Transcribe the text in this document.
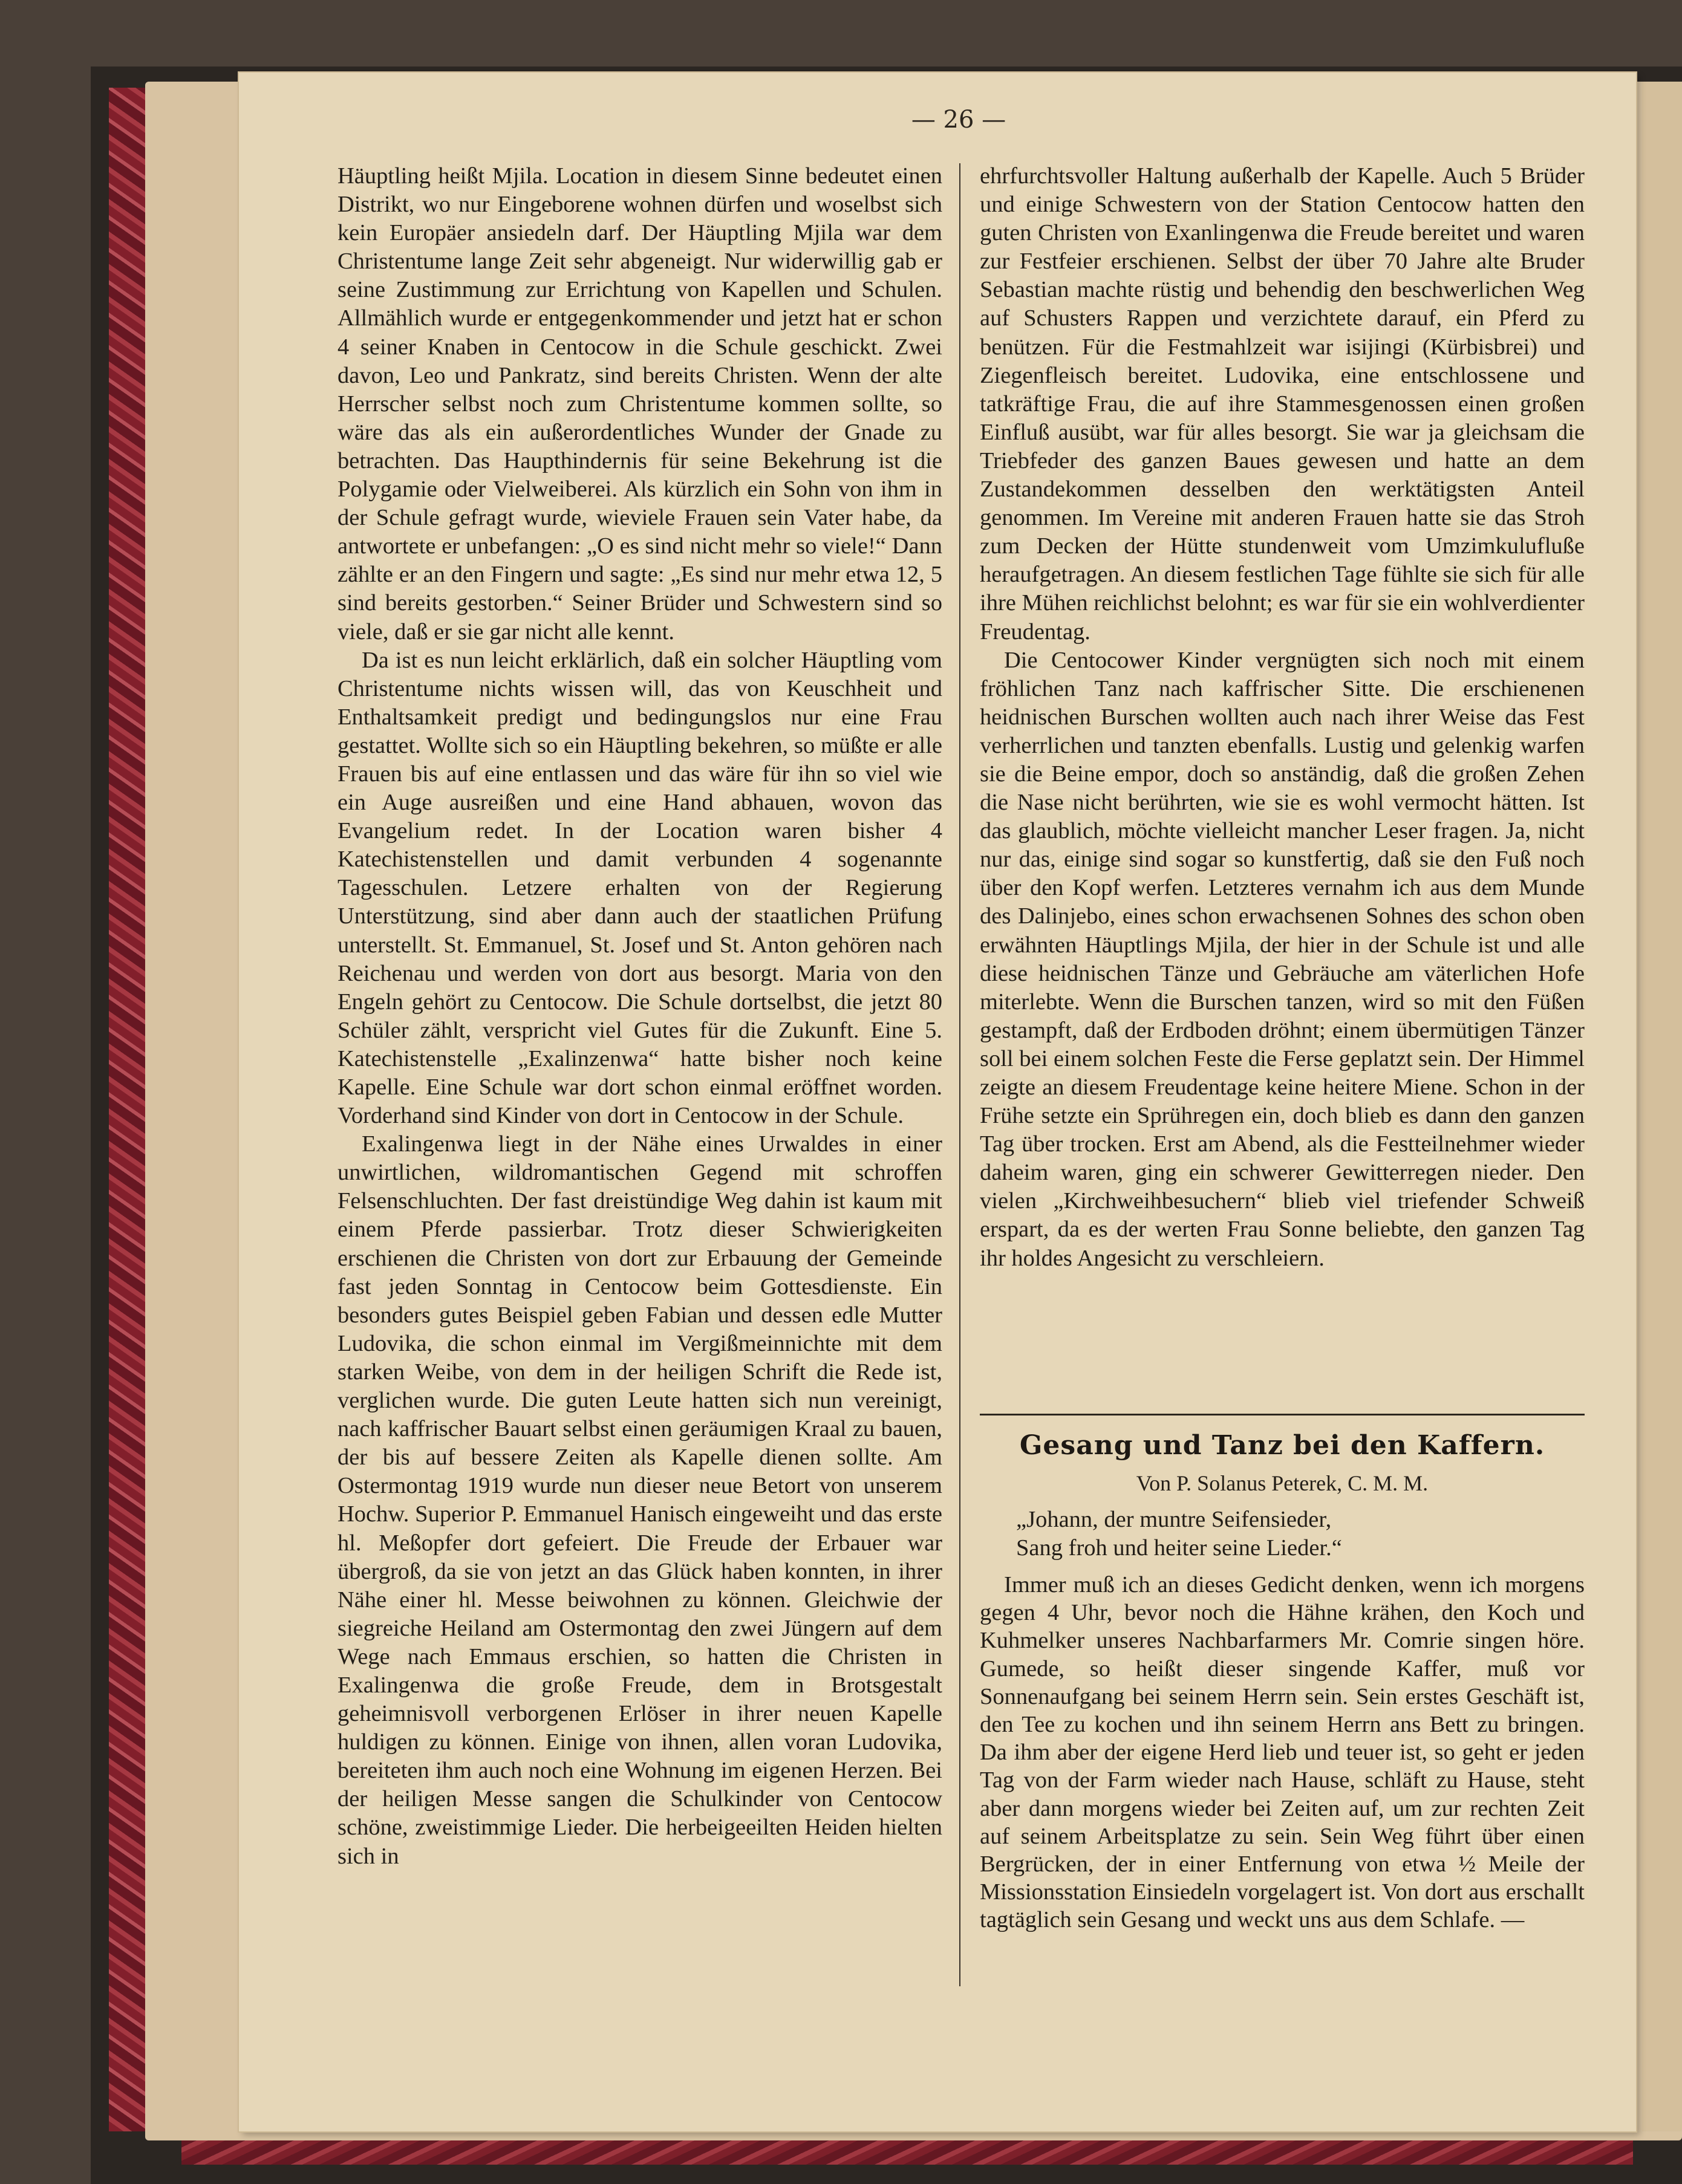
— 26 —

Häuptling heißt Mjila. Location in diesem Sinne bedeutet einen Distrikt, wo nur Eingeborene wohnen dürfen und woselbst sich kein Europäer ansiedeln darf. Der Häuptling Mjila war dem Christentume lange Zeit sehr abgeneigt. Nur widerwillig gab er seine Zustimmung zur Errichtung von Kapellen und Schulen. Allmählich wurde er entgegenkommender und jetzt hat er schon 4 seiner Knaben in Centocow in die Schule geschickt. Zwei davon, Leo und Pankratz, sind bereits Christen. Wenn der alte Herrscher selbst noch zum Christentume kommen sollte, so wäre das als ein außerordentliches Wunder der Gnade zu betrachten. Das Haupthindernis für seine Bekehrung ist die Polygamie oder Vielweiberei. Als kürzlich ein Sohn von ihm in der Schule gefragt wurde, wieviele Frauen sein Vater habe, da antwortete er unbefangen: „O es sind nicht mehr so viele!“ Dann zählte er an den Fingern und sagte: „Es sind nur mehr etwa 12, 5 sind bereits gestorben.“ Seiner Brüder und Schwestern sind so viele, daß er sie gar nicht alle kennt.

Da ist es nun leicht erklärlich, daß ein solcher Häuptling vom Christentume nichts wissen will, das von Keuschheit und Enthaltsamkeit predigt und bedingungslos nur eine Frau gestattet. Wollte sich so ein Häuptling bekehren, so müßte er alle Frauen bis auf eine entlassen und das wäre für ihn so viel wie ein Auge ausreißen und eine Hand abhauen, wovon das Evangelium redet. In der Location waren bisher 4 Katechistenstellen und damit verbunden 4 sogenannte Tagesschulen. Letzere erhalten von der Regierung Unterstützung, sind aber dann auch der staatlichen Prüfung unterstellt. St. Emmanuel, St. Josef und St. Anton gehören nach Reichenau und werden von dort aus besorgt. Maria von den Engeln gehört zu Centocow. Die Schule dortselbst, die jetzt 80 Schüler zählt, verspricht viel Gutes für die Zukunft. Eine 5. Katechistenstelle „Exalinzenwa“ hatte bisher noch keine Kapelle. Eine Schule war dort schon einmal eröffnet worden. Vorderhand sind Kinder von dort in Centocow in der Schule.

Exalingenwa liegt in der Nähe eines Urwaldes in einer unwirtlichen, wildromantischen Gegend mit schroffen Felsenschluchten. Der fast dreistündige Weg dahin ist kaum mit einem Pferde passierbar. Trotz dieser Schwierigkeiten erschienen die Christen von dort zur Erbauung der Gemeinde fast jeden Sonntag in Centocow beim Gottesdienste. Ein besonders gutes Beispiel geben Fabian und dessen edle Mutter Ludovika, die schon einmal im Vergißmeinnichte mit dem starken Weibe, von dem in der heiligen Schrift die Rede ist, verglichen wurde. Die guten Leute hatten sich nun vereinigt, nach kaffrischer Bauart selbst einen geräumigen Kraal zu bauen, der bis auf bessere Zeiten als Kapelle dienen sollte. Am Ostermontag 1919 wurde nun dieser neue Betort von unserem Hochw. Superior P. Emmanuel Hanisch eingeweiht und das erste hl. Meßopfer dort gefeiert. Die Freude der Erbauer war übergroß, da sie von jetzt an das Glück haben konnten, in ihrer Nähe einer hl. Messe beiwohnen zu können. Gleichwie der siegreiche Heiland am Ostermontag den zwei Jüngern auf dem Wege nach Emmaus erschien, so hatten die Christen in Exalingenwa die große Freude, dem in Brotsgestalt geheimnisvoll verborgenen Erlöser in ihrer neuen Kapelle huldigen zu können. Einige von ihnen, allen voran Ludovika, bereiteten ihm auch noch eine Wohnung im eigenen Herzen. Bei der heiligen Messe sangen die Schulkinder von Centocow schöne, zweistimmige Lieder. Die herbeigeeilten Heiden hielten sich in

ehrfurchtsvoller Haltung außerhalb der Kapelle. Auch 5 Brüder und einige Schwestern von der Station Centocow hatten den guten Christen von Exanlingenwa die Freude bereitet und waren zur Festfeier erschienen. Selbst der über 70 Jahre alte Bruder Sebastian machte rüstig und behendig den beschwerlichen Weg auf Schusters Rappen und verzichtete darauf, ein Pferd zu benützen. Für die Festmahlzeit war isijingi (Kürbisbrei) und Ziegenfleisch bereitet. Ludovika, eine entschlossene und tatkräftige Frau, die auf ihre Stammesgenossen einen großen Einfluß ausübt, war für alles besorgt. Sie war ja gleichsam die Triebfeder des ganzen Baues gewesen und hatte an dem Zustandekommen desselben den werktätigsten Anteil genommen. Im Vereine mit anderen Frauen hatte sie das Stroh zum Decken der Hütte stundenweit vom Umzimkulufluße heraufgetragen. An diesem festlichen Tage fühlte sie sich für alle ihre Mühen reichlichst belohnt; es war für sie ein wohlverdienter Freudentag.

Die Centocower Kinder vergnügten sich noch mit einem fröhlichen Tanz nach kaffrischer Sitte. Die erschienenen heidnischen Burschen wollten auch nach ihrer Weise das Fest verherrlichen und tanzten ebenfalls. Lustig und gelenkig warfen sie die Beine empor, doch so anständig, daß die großen Zehen die Nase nicht berührten, wie sie es wohl vermocht hätten. Ist das glaublich, möchte vielleicht mancher Leser fragen. Ja, nicht nur das, einige sind sogar so kunstfertig, daß sie den Fuß noch über den Kopf werfen. Letzteres vernahm ich aus dem Munde des Dalinjebo, eines schon erwachsenen Sohnes des schon oben erwähnten Häuptlings Mjila, der hier in der Schule ist und alle diese heidnischen Tänze und Gebräuche am väterlichen Hofe miterlebte. Wenn die Burschen tanzen, wird so mit den Füßen gestampft, daß der Erdboden dröhnt; einem übermütigen Tänzer soll bei einem solchen Feste die Ferse geplatzt sein. Der Himmel zeigte an diesem Freudentage keine heitere Miene. Schon in der Frühe setzte ein Sprühregen ein, doch blieb es dann den ganzen Tag über trocken. Erst am Abend, als die Festteilnehmer wieder daheim waren, ging ein schwerer Gewitterregen nieder. Den vielen „Kirchweihbesuchern“ blieb viel triefender Schweiß erspart, da es der werten Frau Sonne beliebte, den ganzen Tag ihr holdes Angesicht zu verschleiern.

Gesang und Tanz bei den Kaffern.
Von P. Solanus Peterek, C. M. M.
„Johann, der muntre Seifensieder,
Sang froh und heiter seine Lieder.“

Immer muß ich an dieses Gedicht denken, wenn ich morgens gegen 4 Uhr, bevor noch die Hähne krähen, den Koch und Kuhmelker unseres Nachbarfarmers Mr. Comrie singen höre. Gumede, so heißt dieser singende Kaffer, muß vor Sonnenaufgang bei seinem Herrn sein. Sein erstes Geschäft ist, den Tee zu kochen und ihn seinem Herrn ans Bett zu bringen. Da ihm aber der eigene Herd lieb und teuer ist, so geht er jeden Tag von der Farm wieder nach Hause, schläft zu Hause, steht aber dann morgens wieder bei Zeiten auf, um zur rechten Zeit auf seinem Arbeitsplatze zu sein. Sein Weg führt über einen Bergrücken, der in einer Entfernung von etwa ½ Meile der Missionsstation Einsiedeln vorgelagert ist. Von dort aus erschallt tagtäglich sein Gesang und weckt uns aus dem Schlafe. —
